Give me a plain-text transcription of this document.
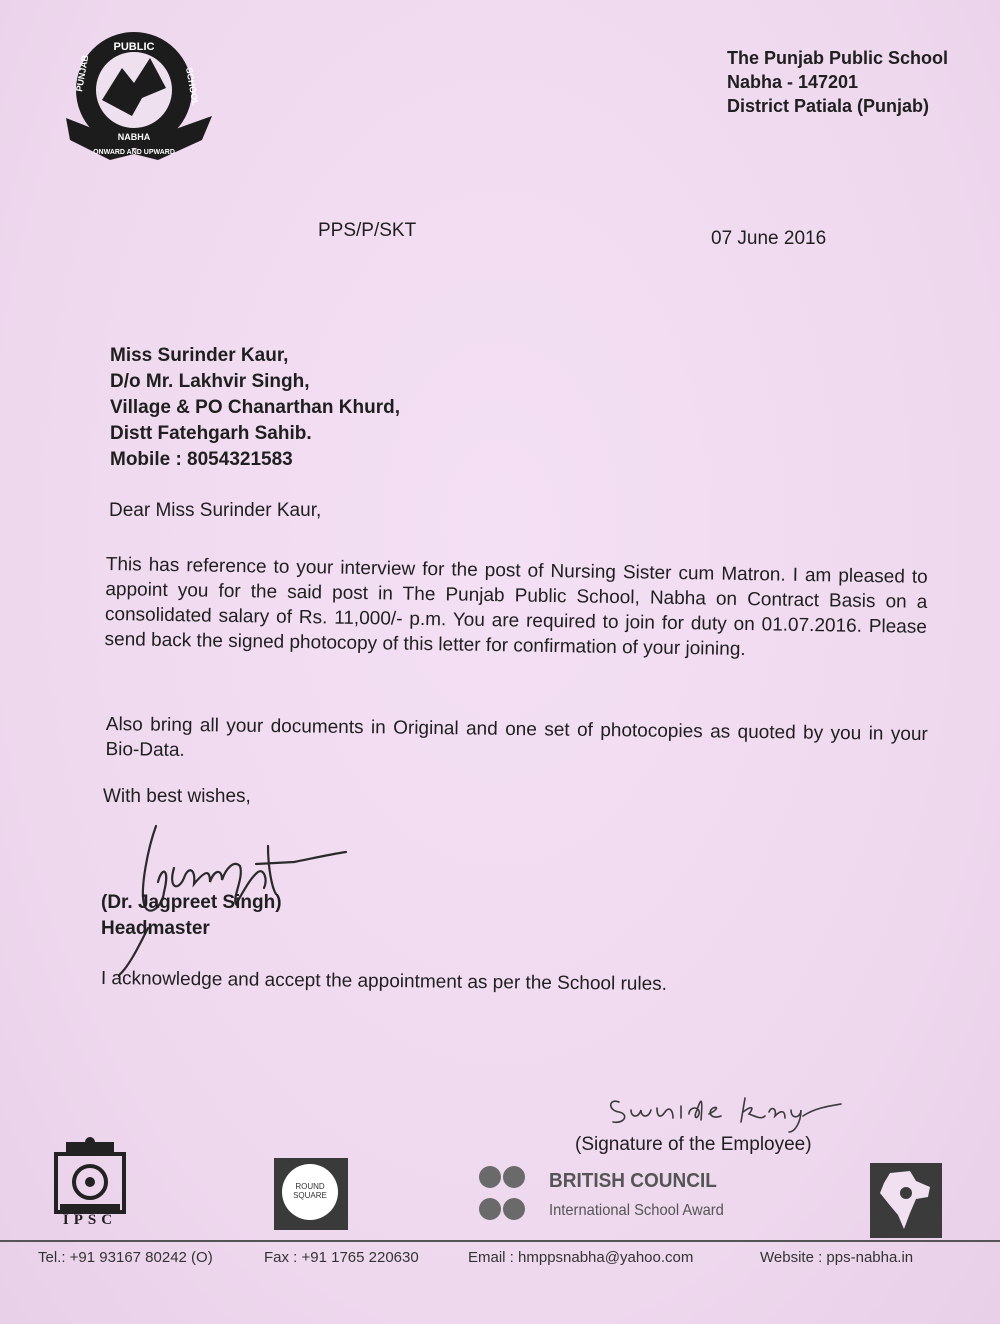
PUBLIC
PUNJAB	SCHOOL
NABHA
ONWARD AND UPWARD
The Punjab Public School
Nabha - 147201
District Patiala (Punjab)
PPS/P/SKT	07 June 2016
Miss Surinder Kaur,
D/o Mr. Lakhvir Singh,
Village & PO Chanarthan Khurd,
Distt Fatehgarh Sahib.
Mobile : 8054321583
Dear Miss Surinder Kaur,
This has reference to your interview for the post of Nursing Sister cum Matron. I am pleased to appoint you for the said post in The Punjab Public School, Nabha on Contract Basis on a consolidated salary of Rs. 11,000/- p.m. You are required to join for duty on 01.07.2016. Please send back the signed photocopy of this letter for confirmation of your joining.
Also bring all your documents in Original and one set of photocopies as quoted by you in your Bio-Data.
With best wishes,
(Dr. Jagpreet Singh)
Headmaster
I acknowledge and accept the appointment as per the School rules.
(Signature of the Employee)
IPSC
ROUND SQUARE
BRITISH COUNCIL
International School Award
Tel.: +91 93167 80242 (O)	Fax : +91 1765 220630	Email : hmppsnabha@yahoo.com	Website : pps-nabha.in
